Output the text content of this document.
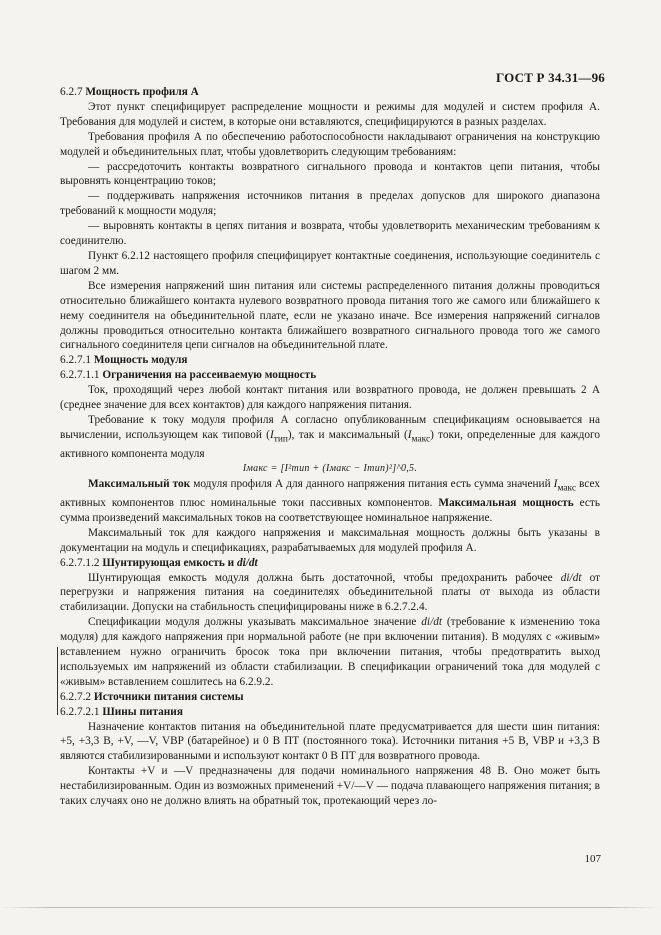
ГОСТ Р 34.31—96

6.2.7 Мощность профиля А

Этот пункт специфицирует распределение мощности и режимы для модулей и систем профиля А. Требования для модулей и систем, в которые они вставляются, специфицируются в разных разделах.

Требования профиля А по обеспечению работоспособности накладывают ограничения на конструкцию модулей и объединительных плат, чтобы удовлетворить следующим требованиям:

— рассредоточить контакты возвратного сигнального провода и контактов цепи питания, чтобы выровнять концентрацию токов;

— поддерживать напряжения источников питания в пределах допусков для широкого диапазона требований к мощности модуля;

— выровнять контакты в цепях питания и возврата, чтобы удовлетворить механическим требованиям к соединителю.

Пункт 6.2.12 настоящего профиля специфицирует контактные соединения, использующие соединитель с шагом 2 мм.

Все измерения напряжений шин питания или системы распределенного питания должны проводиться относительно ближайшего контакта нулевого возвратного провода питания того же самого или ближайшего к нему соединителя на объединительной плате, если не указано иначе. Все измерения напряжений сигналов должны проводиться относительно контакта ближайшего возвратного сигнального провода того же самого сигнального соединителя цепи сигналов на объединительной плате.

6.2.7.1 Мощность модуля

6.2.7.1.1 Ограничения на рассеиваемую мощность

Ток, проходящий через любой контакт питания или возвратного провода, не должен превышать 2 А (среднее значение для всех контактов) для каждого напряжения питания.

Требование к току модуля профиля А согласно опубликованным спецификациям основывается на вычислении, использующем как типовой $(I_{тип})$, так и максимальный $(I_{макс})$ токи, определенные для каждого активного компонента модуля

Iмакс = [I²тип + (Iмакс − Iтип)²]^0,5.

Максимальный ток модуля профиля А для данного напряжения питания есть сумма значений $I_{макс}$ всех активных компонентов плюс номинальные токи пассивных компонентов. Максимальная мощность есть сумма произведений максимальных токов на соответствующее номинальное напряжение.

Максимальный ток для каждого напряжения и максимальная мощность должны быть указаны в документации на модуль и спецификациях, разрабатываемых для модулей профиля А.

6.2.7.1.2 Шунтирующая емкость и di/dt

Шунтирующая емкость модуля должна быть достаточной, чтобы предохранить рабочее di/dt от перегрузки и напряжения питания на соединителях объединительной платы от выхода из области стабилизации. Допуски на стабильность специфицированы ниже в 6.2.7.2.4.

Спецификации модуля должны указывать максимальное значение di/dt (требование к изменению тока модуля) для каждого напряжения при нормальной работе (не при включении питания). В модулях с «живым» вставлением нужно ограничить бросок тока при включении питания, чтобы предотвратить выход используемых им напряжений из области стабилизации. В спецификации ограничений тока для модулей с «живым» вставлением сошлитесь на 6.2.9.2.

6.2.7.2 Источники питания системы

6.2.7.2.1 Шины питания

Назначение контактов питания на объединительной плате предусматривается для шести шин питания: +5, +3,3 В, +V, —V, VBP (батарейное) и 0 В ПТ (постоянного тока). Источники питания +5 В, VBP и +3,3 В являются стабилизированными и используют контакт 0 В ПТ для возвратного провода.

Контакты +V и —V предназначены для подачи номинального напряжения 48 В. Оно может быть нестабилизированным. Один из возможных применений +V/—V — подача плавающего напряжения питания; в таких случаях оно не должно влиять на обратный ток, протекающий через ло-

107
